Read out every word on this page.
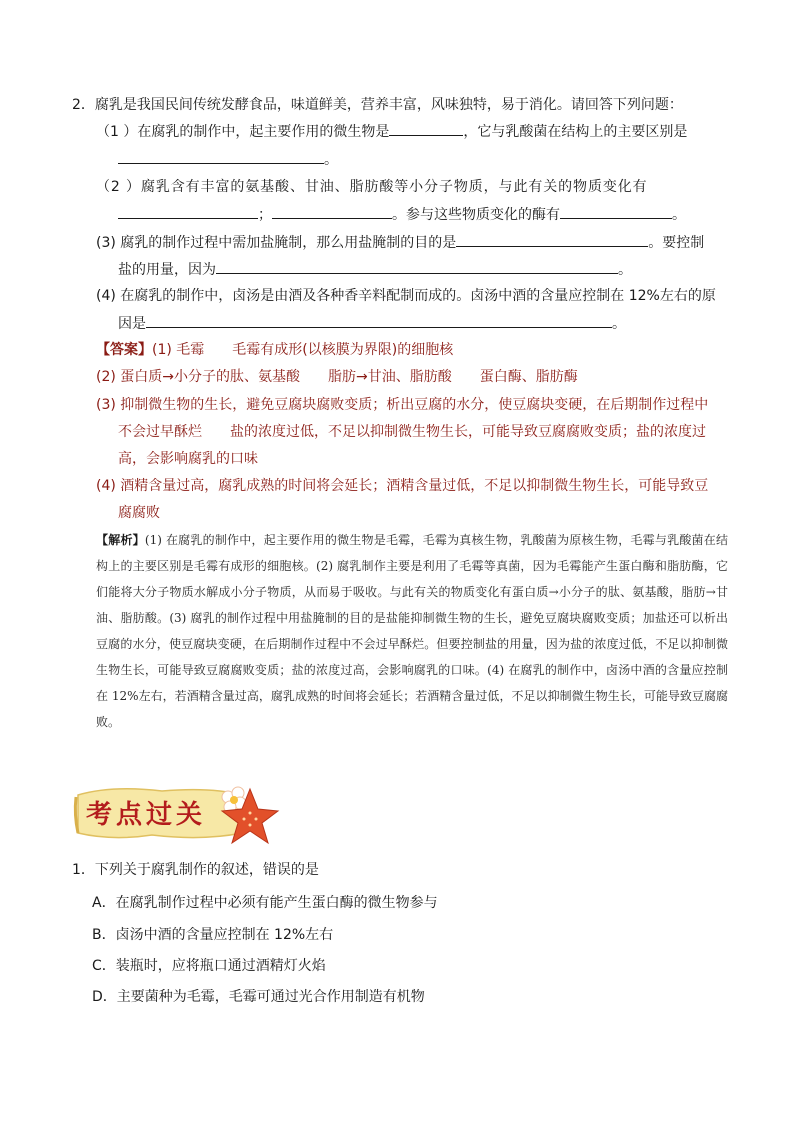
2．腐乳是我国民间传统发酵食品，味道鲜美，营养丰富，风味独特，易于消化。请回答下列问题：
（1 ）在腐乳的制作中，起主要作用的微生物是	，它与乳酸菌在结构上的主要区别是
。
（2 ）腐乳含有丰富的氨基酸、甘油、脂肪酸等小分子物质，与此有关的物质变化有
；	。参与这些物质变化的酶有	。
(3) 腐乳的制作过程中需加盐腌制，那么用盐腌制的目的是	。要控制
盐的用量，因为	。
(4) 在腐乳的制作中，卤汤是由酒及各种香辛料配制而成的。卤汤中酒的含量应控制在 12%左右的原
因是	。
【答案】(1) 毛霉　　毛霉有成形(以核膜为界限)的细胞核
(2) 蛋白质→小分子的肽、氨基酸　　脂肪→甘油、脂肪酸　　蛋白酶、脂肪酶
(3) 抑制微生物的生长，避免豆腐块腐败变质；析出豆腐的水分，使豆腐块变硬，在后期制作过程中
不会过早酥烂　　盐的浓度过低，不足以抑制微生物生长，可能导致豆腐腐败变质；盐的浓度过
高，会影响腐乳的口味
(4) 酒精含量过高，腐乳成熟的时间将会延长；酒精含量过低，不足以抑制微生物生长，可能导致豆
腐腐败
【解析】(1) 在腐乳的制作中，起主要作用的微生物是毛霉，毛霉为真核生物，乳酸菌为原核生物，毛霉与乳酸菌在结构上的主要区别是毛霉有成形的细胞核。(2) 腐乳制作主要是利用了毛霉等真菌，因为毛霉能产生蛋白酶和脂肪酶，它们能将大分子物质水解成小分子物质，从而易于吸收。与此有关的物质变化有蛋白质→小分子的肽、氨基酸，脂肪→甘油、脂肪酸。(3) 腐乳的制作过程中用盐腌制的目的是盐能抑制微生物的生长，避免豆腐块腐败变质；加盐还可以析出豆腐的水分，使豆腐块变硬，在后期制作过程中不会过早酥烂。但要控制盐的用量，因为盐的浓度过低，不足以抑制微生物生长，可能导致豆腐腐败变质；盐的浓度过高，会影响腐乳的口味。(4) 在腐乳的制作中，卤汤中酒的含量应控制在 12%左右，若酒精含量过高，腐乳成熟的时间将会延长；若酒精含量过低，不足以抑制微生物生长，可能导致豆腐腐败。
考点过关
1．下列关于腐乳制作的叙述，错误的是
A．在腐乳制作过程中必须有能产生蛋白酶的微生物参与
B．卤汤中酒的含量应控制在 12%左右
C．装瓶时，应将瓶口通过酒精灯火焰
D．主要菌种为毛霉，毛霉可通过光合作用制造有机物
